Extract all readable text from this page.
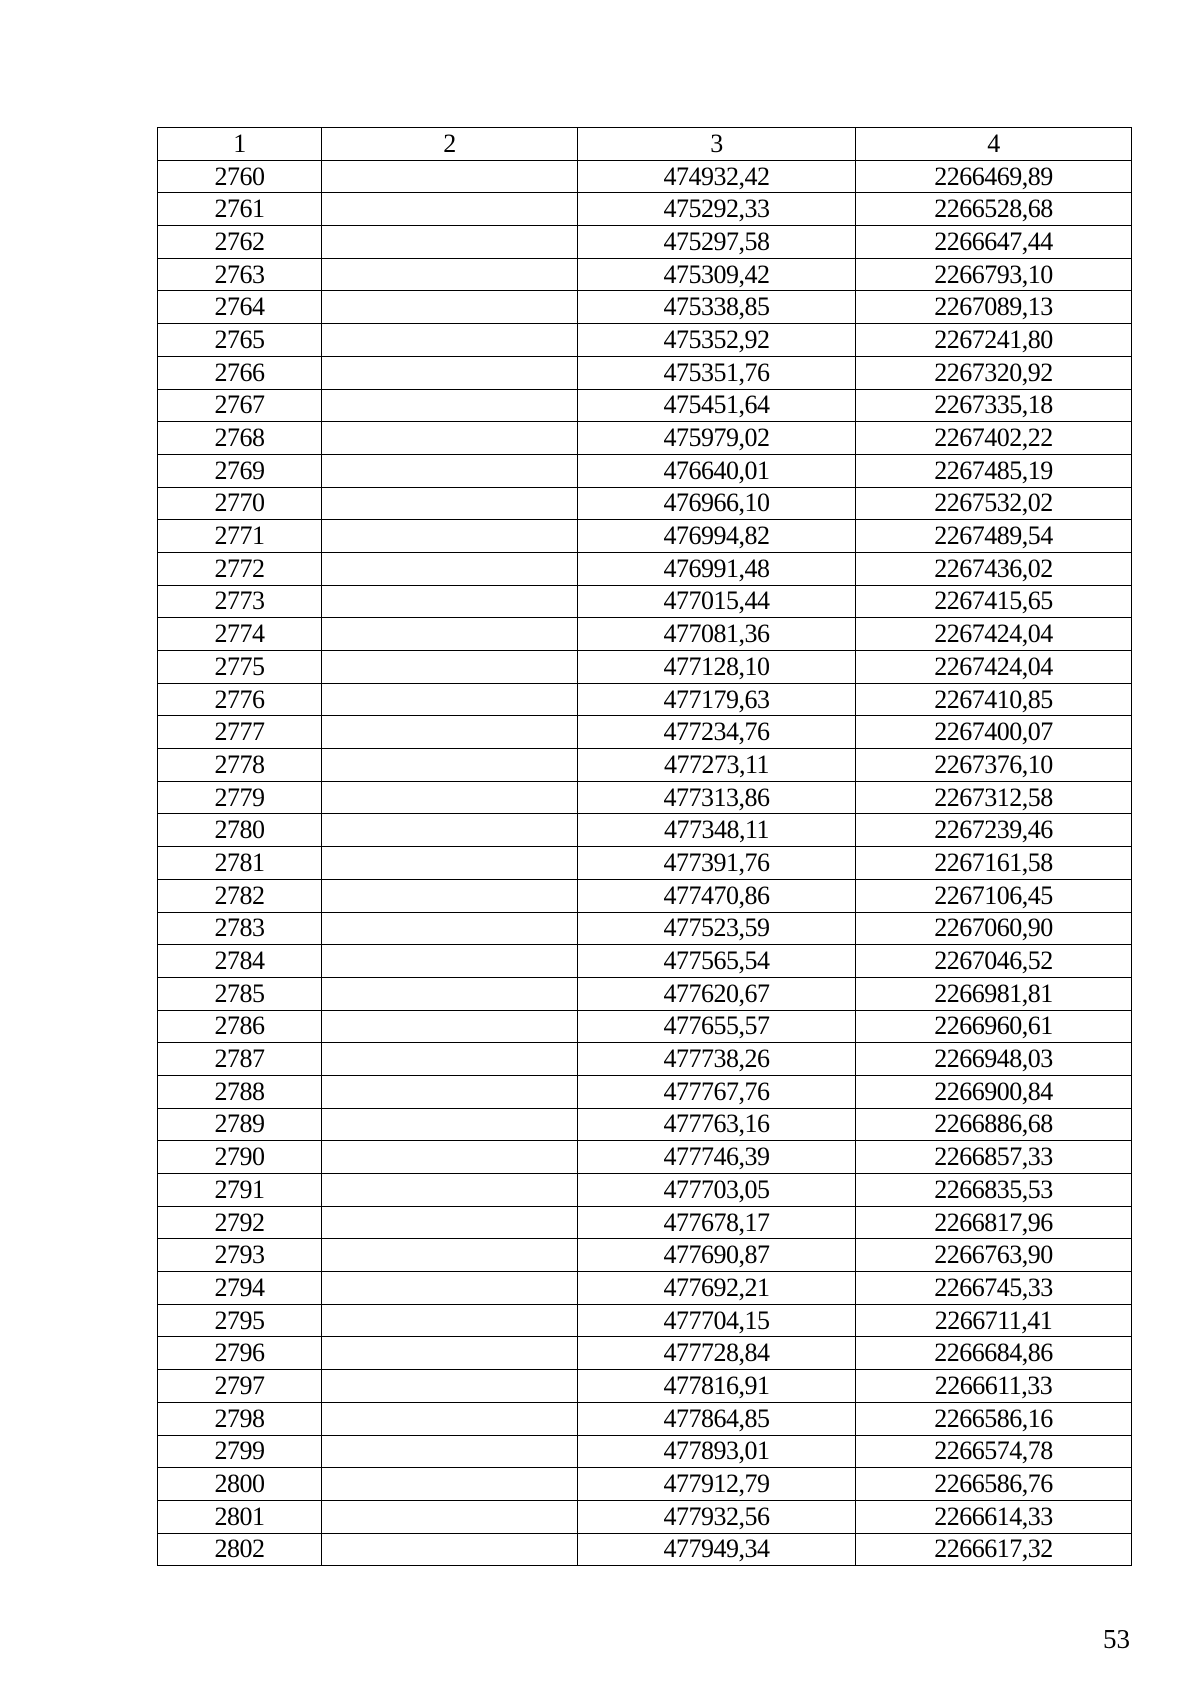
1	2	3	4
2760		474932,42	2266469,89
2761		475292,33	2266528,68
2762		475297,58	2266647,44
2763		475309,42	2266793,10
2764		475338,85	2267089,13
2765		475352,92	2267241,80
2766		475351,76	2267320,92
2767		475451,64	2267335,18
2768		475979,02	2267402,22
2769		476640,01	2267485,19
2770		476966,10	2267532,02
2771		476994,82	2267489,54
2772		476991,48	2267436,02
2773		477015,44	2267415,65
2774		477081,36	2267424,04
2775		477128,10	2267424,04
2776		477179,63	2267410,85
2777		477234,76	2267400,07
2778		477273,11	2267376,10
2779		477313,86	2267312,58
2780		477348,11	2267239,46
2781		477391,76	2267161,58
2782		477470,86	2267106,45
2783		477523,59	2267060,90
2784		477565,54	2267046,52
2785		477620,67	2266981,81
2786		477655,57	2266960,61
2787		477738,26	2266948,03
2788		477767,76	2266900,84
2789		477763,16	2266886,68
2790		477746,39	2266857,33
2791		477703,05	2266835,53
2792		477678,17	2266817,96
2793		477690,87	2266763,90
2794		477692,21	2266745,33
2795		477704,15	2266711,41
2796		477728,84	2266684,86
2797		477816,91	2266611,33
2798		477864,85	2266586,16
2799		477893,01	2266574,78
2800		477912,79	2266586,76
2801		477932,56	2266614,33
2802		477949,34	2266617,32
53
